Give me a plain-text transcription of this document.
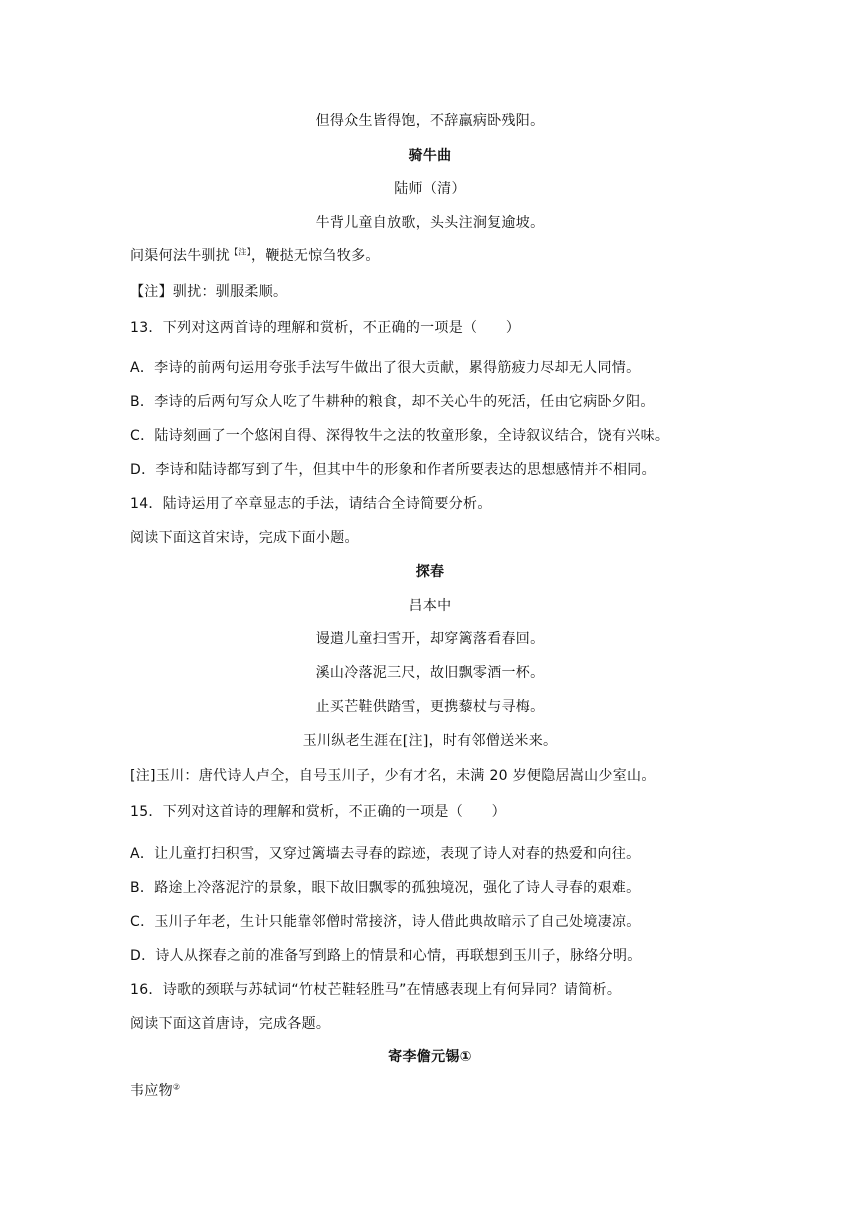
但得众生皆得饱，不辞羸病卧残阳。
骑牛曲
陆师（清）
牛背儿童自放歌，头头注涧复逾坡。
问渠何法牛驯扰$^{【注】}$，鞭挞无惊刍牧多。
【注】驯扰：驯服柔顺。
13．下列对这两首诗的理解和赏析，不正确的一项是（　　）
A．李诗的前两句运用夸张手法写牛做出了很大贡献，累得筋疲力尽却无人同情。
B．李诗的后两句写众人吃了牛耕种的粮食，却不关心牛的死活，任由它病卧夕阳。
C．陆诗刻画了一个悠闲自得、深得牧牛之法的牧童形象，全诗叙议结合，饶有兴味。
D．李诗和陆诗都写到了牛，但其中牛的形象和作者所要表达的思想感情并不相同。
14．陆诗运用了卒章显志的手法，请结合全诗简要分析。
阅读下面这首宋诗，完成下面小题。
探春
吕本中
谩遣儿童扫雪开，却穿篱落看春回。
溪山冷落泥三尺，故旧飘零酒一杯。
止买芒鞋供踏雪，更携藜杖与寻梅。
玉川纵老生涯在[注]，时有邻僧送米来。
[注]玉川：唐代诗人卢仝，自号玉川子，少有才名，未满 20 岁便隐居嵩山少室山。
15．下列对这首诗的理解和赏析，不正确的一项是（　　）
A．让儿童打扫积雪，又穿过篱墙去寻春的踪迹，表现了诗人对春的热爱和向往。
B．路途上冷落泥泞的景象，眼下故旧飘零的孤独境况，强化了诗人寻春的艰难。
C．玉川子年老，生计只能靠邻僧时常接济，诗人借此典故暗示了自己处境凄凉。
D．诗人从探春之前的准备写到路上的情景和心情，再联想到玉川子，脉络分明。
16．诗歌的颈联与苏轼词“竹杖芒鞋轻胜马”在情感表现上有何异同？请简析。
阅读下面这首唐诗，完成各题。
寄李儋元锡①
韦应物②
